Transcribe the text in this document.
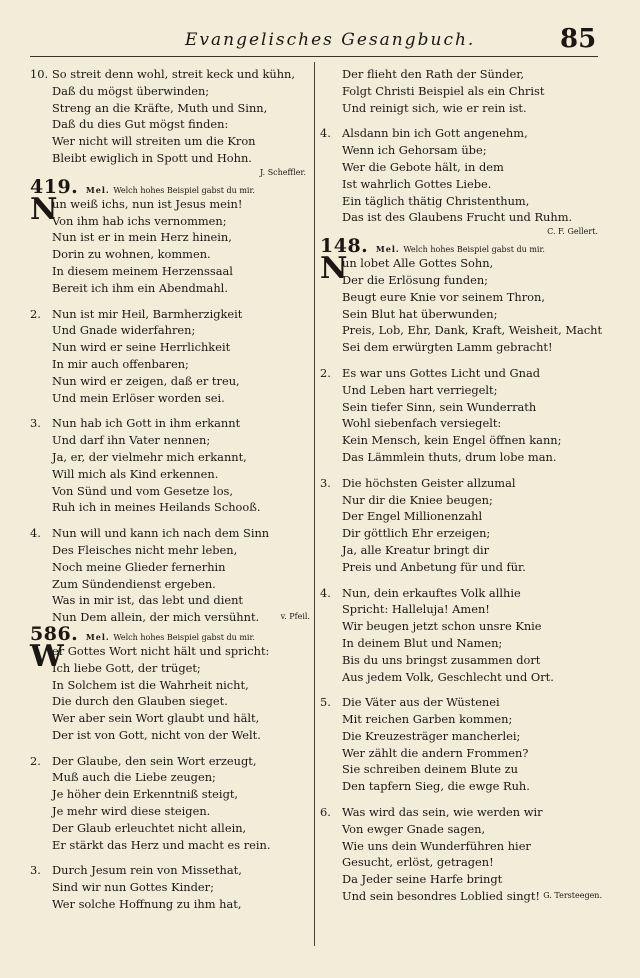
Evangelisches Gesangbuch.	85
10. So streit denn wohl, streit keck und kühn,
Daß du mögst überwinden;
Streng an die Kräfte, Muth und Sinn,
Daß du dies Gut mögst finden:
Wer nicht will streiten um die Kron
Bleibt ewiglich in Spott und Hohn.
J. Scheffler.
419. Mel. Welch hohes Beispiel gabst du mir.
N
un weiß ichs, nun ist Jesus mein!
Von ihm hab ichs vernommen;
Nun ist er in mein Herz hinein,
Dorin zu wohnen, kommen.
In diesem meinem Herzenssaal
Bereit ich ihm ein Abendmahl.
2. Nun ist mir Heil, Barmherzigkeit
Und Gnade widerfahren;
Nun wird er seine Herrlichkeit
In mir auch offenbaren;
Nun wird er zeigen, daß er treu,
Und mein Erlöser worden sei.
3. Nun hab ich Gott in ihm erkannt
Und darf ihn Vater nennen;
Ja, er, der vielmehr mich erkannt,
Will mich als Kind erkennen.
Von Sünd und vom Gesetze los,
Ruh ich in meines Heilands Schooß.
4. Nun will und kann ich nach dem Sinn
Des Fleisches nicht mehr leben,
Noch meine Glieder fernerhin
Zum Sündendienst ergeben.
Was in mir ist, das lebt und dient
Nun Dem allein, der mich versühnt.	v. Pfeil.
586. Mel. Welch hohes Beispiel gabst du mir.
W
er Gottes Wort nicht hält und spricht:
Ich liebe Gott, der trüget;
In Solchem ist die Wahrheit nicht,
Die durch den Glauben sieget.
Wer aber sein Wort glaubt und hält,
Der ist von Gott, nicht von der Welt.
2. Der Glaube, den sein Wort erzeugt,
Muß auch die Liebe zeugen;
Je höher dein Erkenntniß steigt,
Je mehr wird diese steigen.
Der Glaub erleuchtet nicht allein,
Er stärkt das Herz und macht es rein.
3. Durch Jesum rein von Missethat,
Sind wir nun Gottes Kinder;
Wer solche Hoffnung zu ihm hat,
Der flieht den Rath der Sünder,
Folgt Christi Beispiel als ein Christ
Und reinigt sich, wie er rein ist.
4. Alsdann bin ich Gott angenehm,
Wenn ich Gehorsam übe;
Wer die Gebote hält, in dem
Ist wahrlich Gottes Liebe.
Ein täglich thätig Christenthum,
Das ist des Glaubens Frucht und Ruhm.
C. F. Gellert.
148. Mel. Welch hohes Beispiel gabst du mir.
N
un lobet Alle Gottes Sohn,
Der die Erlösung funden;
Beugt eure Knie vor seinem Thron,
Sein Blut hat überwunden;
Preis, Lob, Ehr, Dank, Kraft, Weisheit, Macht
Sei dem erwürgten Lamm gebracht!
2. Es war uns Gottes Licht und Gnad
Und Leben hart verriegelt;
Sein tiefer Sinn, sein Wunderrath
Wohl siebenfach versiegelt:
Kein Mensch, kein Engel öffnen kann;
Das Lämmlein thuts, drum lobe man.
3. Die höchsten Geister allzumal
Nur dir die Kniee beugen;
Der Engel Millionenzahl
Dir göttlich Ehr erzeigen;
Ja, alle Kreatur bringt dir
Preis und Anbetung für und für.
4. Nun, dein erkauftes Volk allhie
Spricht: Halleluja! Amen!
Wir beugen jetzt schon unsre Knie
In deinem Blut und Namen;
Bis du uns bringst zusammen dort
Aus jedem Volk, Geschlecht und Ort.
5. Die Väter aus der Wüstenei
Mit reichen Garben kommen;
Die Kreuzesträger mancherlei;
Wer zählt die andern Frommen?
Sie schreiben deinem Blute zu
Den tapfern Sieg, die ewge Ruh.
6. Was wird das sein, wie werden wir
Von ewger Gnade sagen,
Wie uns dein Wunderführen hier
Gesucht, erlöst, getragen!
Da Jeder seine Harfe bringt
Und sein besondres Loblied singt! G. Tersteegen.
